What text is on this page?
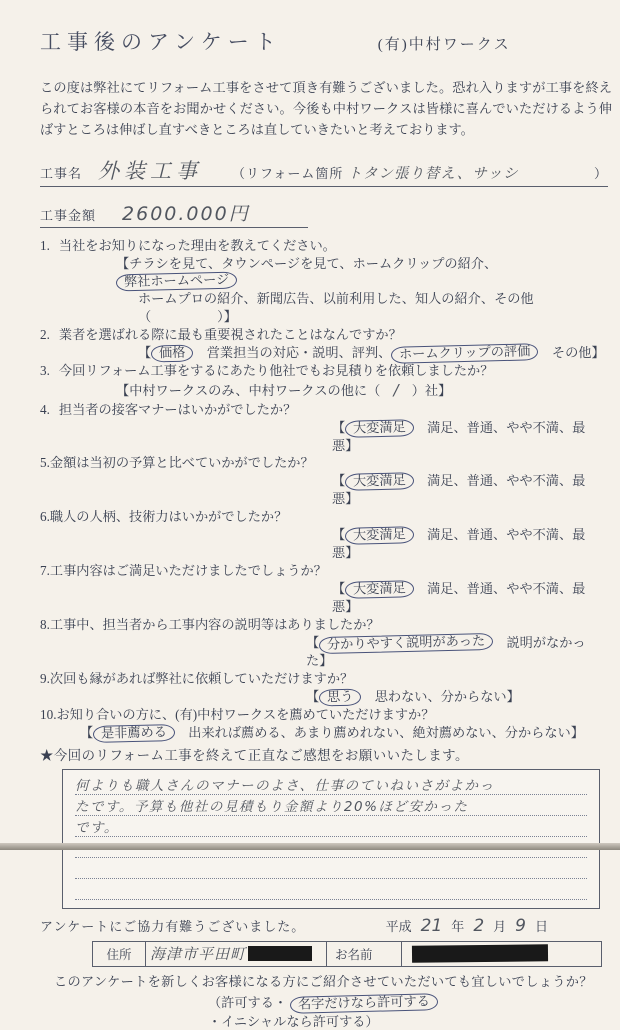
工事後のアンケート	(有)中村ワークス

この度は弊社にてリフォーム工事をさせて頂き有難うございました。恐れ入りますが工事を終えられてお客様の本音をお聞かせください。今後も中村ワークスは皆様に喜んでいただけるよう伸ばすところは伸ばし直すべきところは直していきたいと考えております。

工事名 外装工事 （リフォーム箇所 トタン張り替え、サッシ	）
工事金額 2600.000円
1. 当社をお知りになった理由を教えてください。
【チラシを見て、タウンページを見て、ホームクリップの紹介、弊社ホームページ
ホームプロの紹介、新聞広告、以前利用した、知人の紹介、その他（　　　　　）】
2. 業者を選ばれる際に最も重要視されたことはなんですか？
【 価格　営業担当の対応・説明、評判、 ホームクリップの評価　その他】
3. 今回リフォーム工事をするにあたり他社でもお見積りを依頼しましたか？
【中村ワークスのみ、中村ワークスの他に（　/　）社】
4. 担当者の接客マナーはいかがでしたか？
【 大変満足　満足、普通、やや不満、最悪】
5.金額は当初の予算と比べていかがでしたか？
【 大変満足　満足、普通、やや不満、最悪】
6.職人の人柄、技術力はいかがでしたか？
【 大変満足　満足、普通、やや不満、最悪】
7.工事内容はご満足いただけましたでしょうか？
【 大変満足　満足、普通、やや不満、最悪】
8.工事中、担当者から工事内容の説明等はありましたか？
【 分かりやすく説明があった　説明がなかった】
9.次回も縁があれば弊社に依頼していただけますか？
【 思う　思わない、分からない】
10.お知り合いの方に、(有)中村ワークスを薦めていただけますか？
【 是非薦める　出来れば薦める、あまり薦めれない、絶対薦めない、分からない】
★今回のリフォーム工事を終えて正直なご感想をお願いいたします。
何よりも職人さんのマナーのよさ、仕事のていねいさがよかっ
たです。予算も他社の見積もり金額より20%ほど安かった
です。
アンケートにご協力有難うございました。	平成 21 年 2 月 9 日
住所	海津市平田町	お名前
このアンケートを新しくお客様になる方にご紹介させていただいても宜しいでしょうか？
（許可する・ 名字だけなら許可する ・イニシャルなら許可する）
